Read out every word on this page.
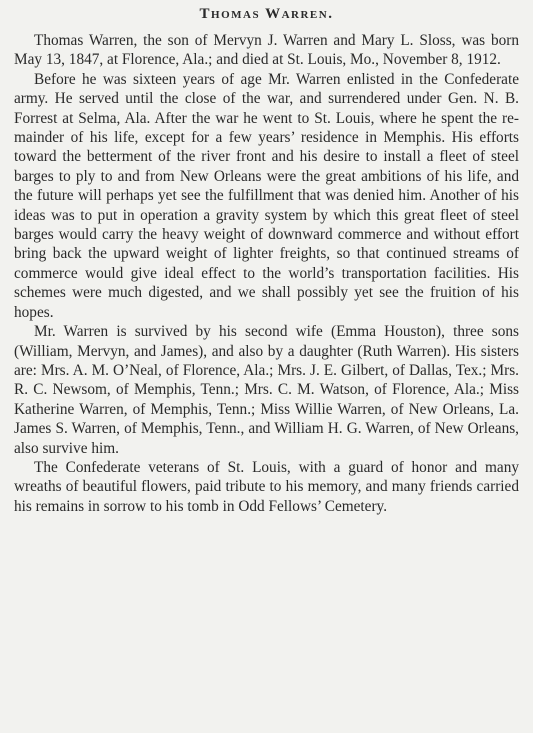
Thomas Warren.

Thomas Warren, the son of Mervyn J. Warren and Mary L. Sloss, was born May 13, 1847, at Florence, Ala.; and died at St. Louis, Mo., November 8, 1912.

Before he was sixteen years of age Mr. Warren enlisted in the Confederate army. He served until the close of the war, and surrendered under Gen. N. B. Forrest at Selma, Ala. After the war he went to St. Louis, where he spent the remainder of his life, except for a few years’ residence in Memphis. His efforts toward the betterment of the river front and his desire to install a fleet of steel barges to ply to and from New Orleans were the great ambitions of his life, and the future will perhaps yet see the fulfillment that was denied him. Another of his ideas was to put in operation a gravity system by which this great fleet of steel barges would carry the heavy weight of downward commerce and without effort bring back the upward weight of lighter freights, so that continued streams of commerce would give ideal effect to the world’s transportation facilities. His schemes were much digested, and we shall possibly yet see the fruition of his hopes.

Mr. Warren is survived by his second wife (Emma Houston), three sons (William, Mervyn, and James), and also by a daughter (Ruth Warren). His sisters are: Mrs. A. M. O’Neal, of Florence, Ala.; Mrs. J. E. Gilbert, of Dallas, Tex.; Mrs. R. C. Newsom, of Memphis, Tenn.; Mrs. C. M. Watson, of Florence, Ala.; Miss Katherine Warren, of Memphis, Tenn.; Miss Willie Warren, of New Orleans, La. James S. Warren, of Memphis, Tenn., and William H. G. Warren, of New Orleans, also survive him.

The Confederate veterans of St. Louis, with a guard of honor and many wreaths of beautiful flowers, paid tribute to his memory, and many friends carried his remains in sorrow to his tomb in Odd Fellows’ Cemetery.
